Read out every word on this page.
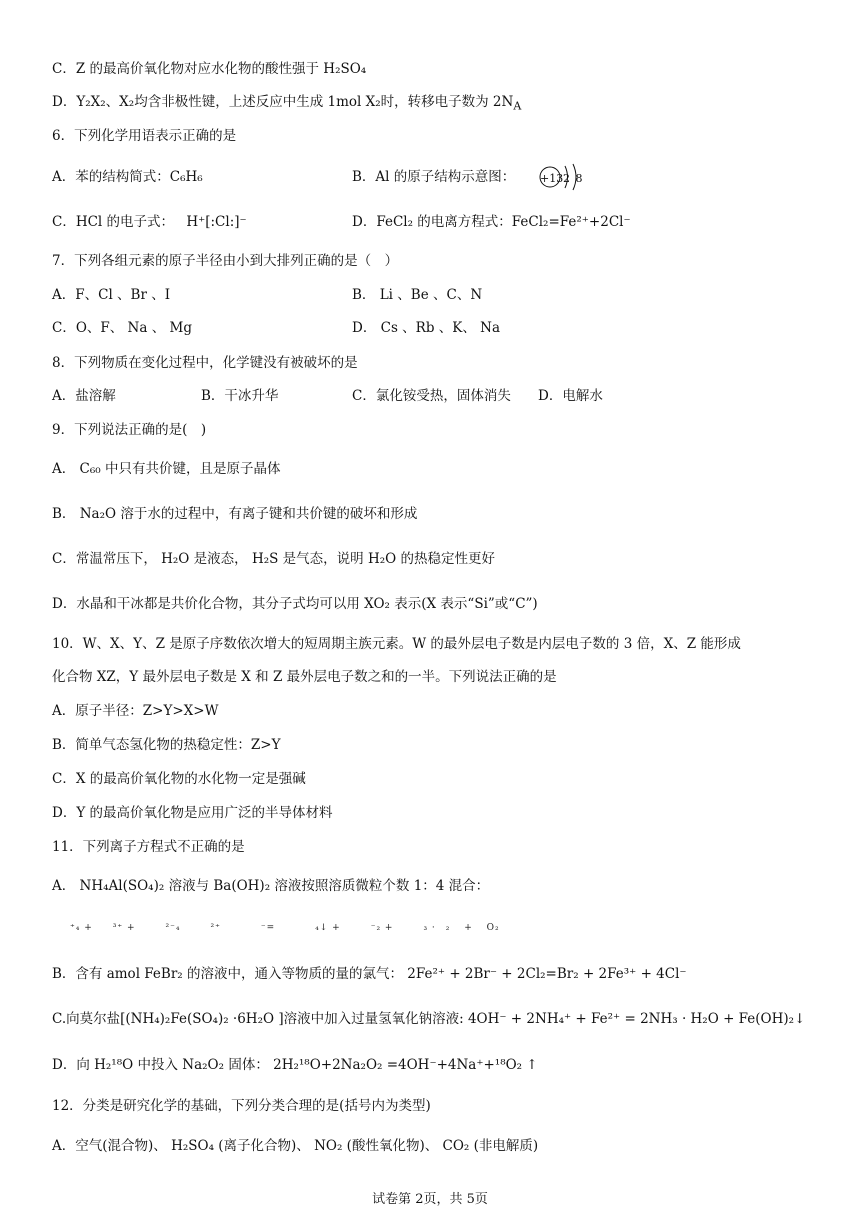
C．Z 的最高价氧化物对应水化物的酸性强于 H₂SO₄
D．Y₂X₂、X₂均含非极性键，上述反应中生成 1mol X₂时，转移电子数为 $2N_A$
6．下列化学用语表示正确的是
A．苯的结构简式：C₆H₆	B．Al 的原子结构示意图： +13 2 8
C．HCl 的电子式： H⁺[:Cl:]⁻	D．FeCl₂ 的电离方程式：FeCl₂=Fe²⁺+2Cl⁻
7．下列各组元素的原子半径由小到大排列正确的是（　）
A．F、Cl 、Br 、I	B． Li 、Be 、C、N
C．O、F、 Na 、 Mg	D． Cs 、Rb 、K、 Na
8．下列物质在变化过程中，化学键没有被破坏的是
A．盐溶解	B．干冰升华	C．氯化铵受热，固体消失 D．电解水
9．下列说法正确的是(　)
A． C₆₀ 中只有共价键，且是原子晶体
B． Na₂O 溶于水的过程中，有离子键和共价键的破坏和形成
C．常温常压下， H₂O 是液态， H₂S 是气态，说明 H₂O 的热稳定性更好
D．水晶和干冰都是共价化合物，其分子式均可以用 XO₂ 表示(X 表示“Si”或“C”)
10．W、X、Y、Z 是原子序数依次增大的短周期主族元素。W 的最外层电子数是内层电子数的 3 倍，X、Z 能形成
化合物 XZ，Y 最外层电子数是 X 和 Z 最外层电子数之和的一半。下列说法正确的是
A．原子半径：Z>Y>X>W
B．简单气态氢化物的热稳定性：Z>Y
C．X 的最高价氧化物的水化物一定是强碱
D．Y 的最高价氧化物是应用广泛的半导体材料
11．下列离子方程式不正确的是
A． NH₄Al(SO₄)₂ 溶液与 Ba(OH)₂ 溶液按照溶质微粒个数 1：4 混合：
⁺₄ +　　³⁺ +　　　²⁻₄　　　²⁺　　　　⁻=　　　　₄↓ +　　　⁻₂ +　　　₃ ·　₂　 +　 O₂
B．含有 amol FeBr₂ 的溶液中，通入等物质的量的氯气： 2Fe²⁺ + 2Br⁻ + 2Cl₂=Br₂ + 2Fe³⁺ + 4Cl⁻
C.向莫尔盐[(NH₄)₂Fe(SO₄)₂ ·6H₂O ]溶液中加入过量氢氧化钠溶液: 4OH⁻ + 2NH₄⁺ + Fe²⁺ = 2NH₃ · H₂O + Fe(OH)₂↓
D．向 H₂¹⁸O 中投入 Na₂O₂ 固体： 2H₂¹⁸O+2Na₂O₂ =4OH⁻+4Na⁺+¹⁸O₂ ↑
12．分类是研究化学的基础，下列分类合理的是(括号内为类型)
A．空气(混合物)、 H₂SO₄ (离子化合物)、 NO₂ (酸性氧化物)、 CO₂ (非电解质)
试卷第 2页，共 5页
